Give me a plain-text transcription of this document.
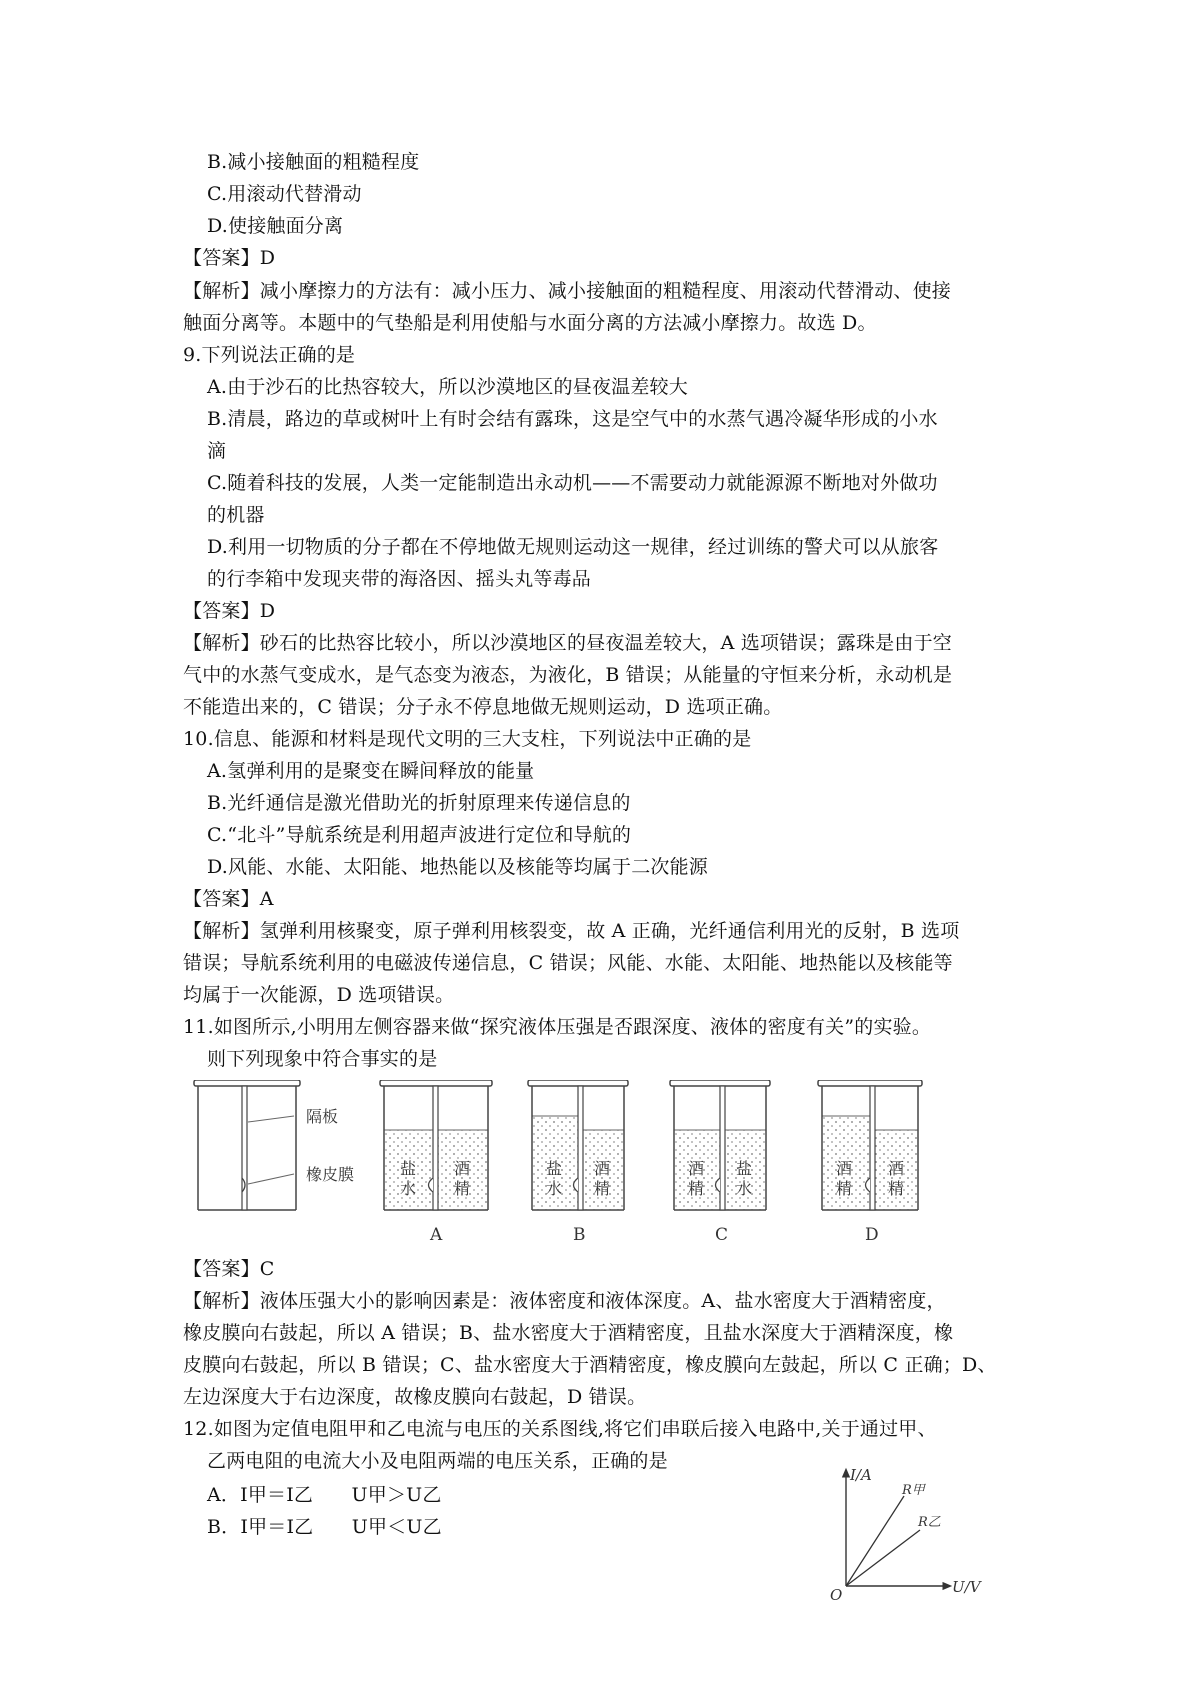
B.减小接触面的粗糙程度
C.用滚动代替滑动
D.使接触面分离
【答案】D
【解析】减小摩擦力的方法有：减小压力、减小接触面的粗糙程度、用滚动代替滑动、使接
触面分离等。本题中的气垫船是利用使船与水面分离的方法减小摩擦力。故选 D。
9.下列说法正确的是
A.由于沙石的比热容较大，所以沙漠地区的昼夜温差较大
B.清晨，路边的草或树叶上有时会结有露珠，这是空气中的水蒸气遇冷凝华形成的小水
滴
C.随着科技的发展，人类一定能制造出永动机——不需要动力就能源源不断地对外做功
的机器
D.利用一切物质的分子都在不停地做无规则运动这一规律，经过训练的警犬可以从旅客
的行李箱中发现夹带的海洛因、摇头丸等毒品
【答案】D
【解析】砂石的比热容比较小，所以沙漠地区的昼夜温差较大，A 选项错误；露珠是由于空
气中的水蒸气变成水，是气态变为液态，为液化，B 错误；从能量的守恒来分析，永动机是
不能造出来的，C 错误；分子永不停息地做无规则运动，D 选项正确。
10.信息、能源和材料是现代文明的三大支柱，下列说法中正确的是
A.氢弹利用的是聚变在瞬间释放的能量
B.光纤通信是激光借助光的折射原理来传递信息的
C.“北斗”导航系统是利用超声波进行定位和导航的
D.风能、水能、太阳能、地热能以及核能等均属于二次能源
【答案】A
【解析】氢弹利用核聚变，原子弹利用核裂变，故 A 正确，光纤通信利用光的反射，B 选项
错误；导航系统利用的电磁波传递信息，C 错误；风能、水能、太阳能、地热能以及核能等
均属于一次能源，D 选项错误。
11.如图所示,小明用左侧容器来做“探究液体压强是否跟深度、液体的密度有关”的实验。
则下列现象中符合事实的是
隔板
橡皮膜	盐
水
酒
精
A
盐
水
酒
精
B
酒
精
盐
水
C
酒
精
酒
精
D
【答案】C
【解析】液体压强大小的影响因素是：液体密度和液体深度。A、盐水密度大于酒精密度，
橡皮膜向右鼓起，所以 A 错误；B、盐水密度大于酒精密度，且盐水深度大于酒精深度，橡
皮膜向右鼓起，所以 B 错误；C、盐水密度大于酒精密度，橡皮膜向左鼓起，所以 C 正确；D、
左边深度大于右边深度，故橡皮膜向右鼓起，D 错误。
12.如图为定值电阻甲和乙电流与电压的关系图线,将它们串联后接入电路中,关于通过甲、
乙两电阻的电流大小及电阻两端的电压关系，正确的是
A．I甲＝I乙　　U甲＞U乙
B．I甲＝I乙　　U甲＜U乙
I/A
U/V
O
R甲
R乙
